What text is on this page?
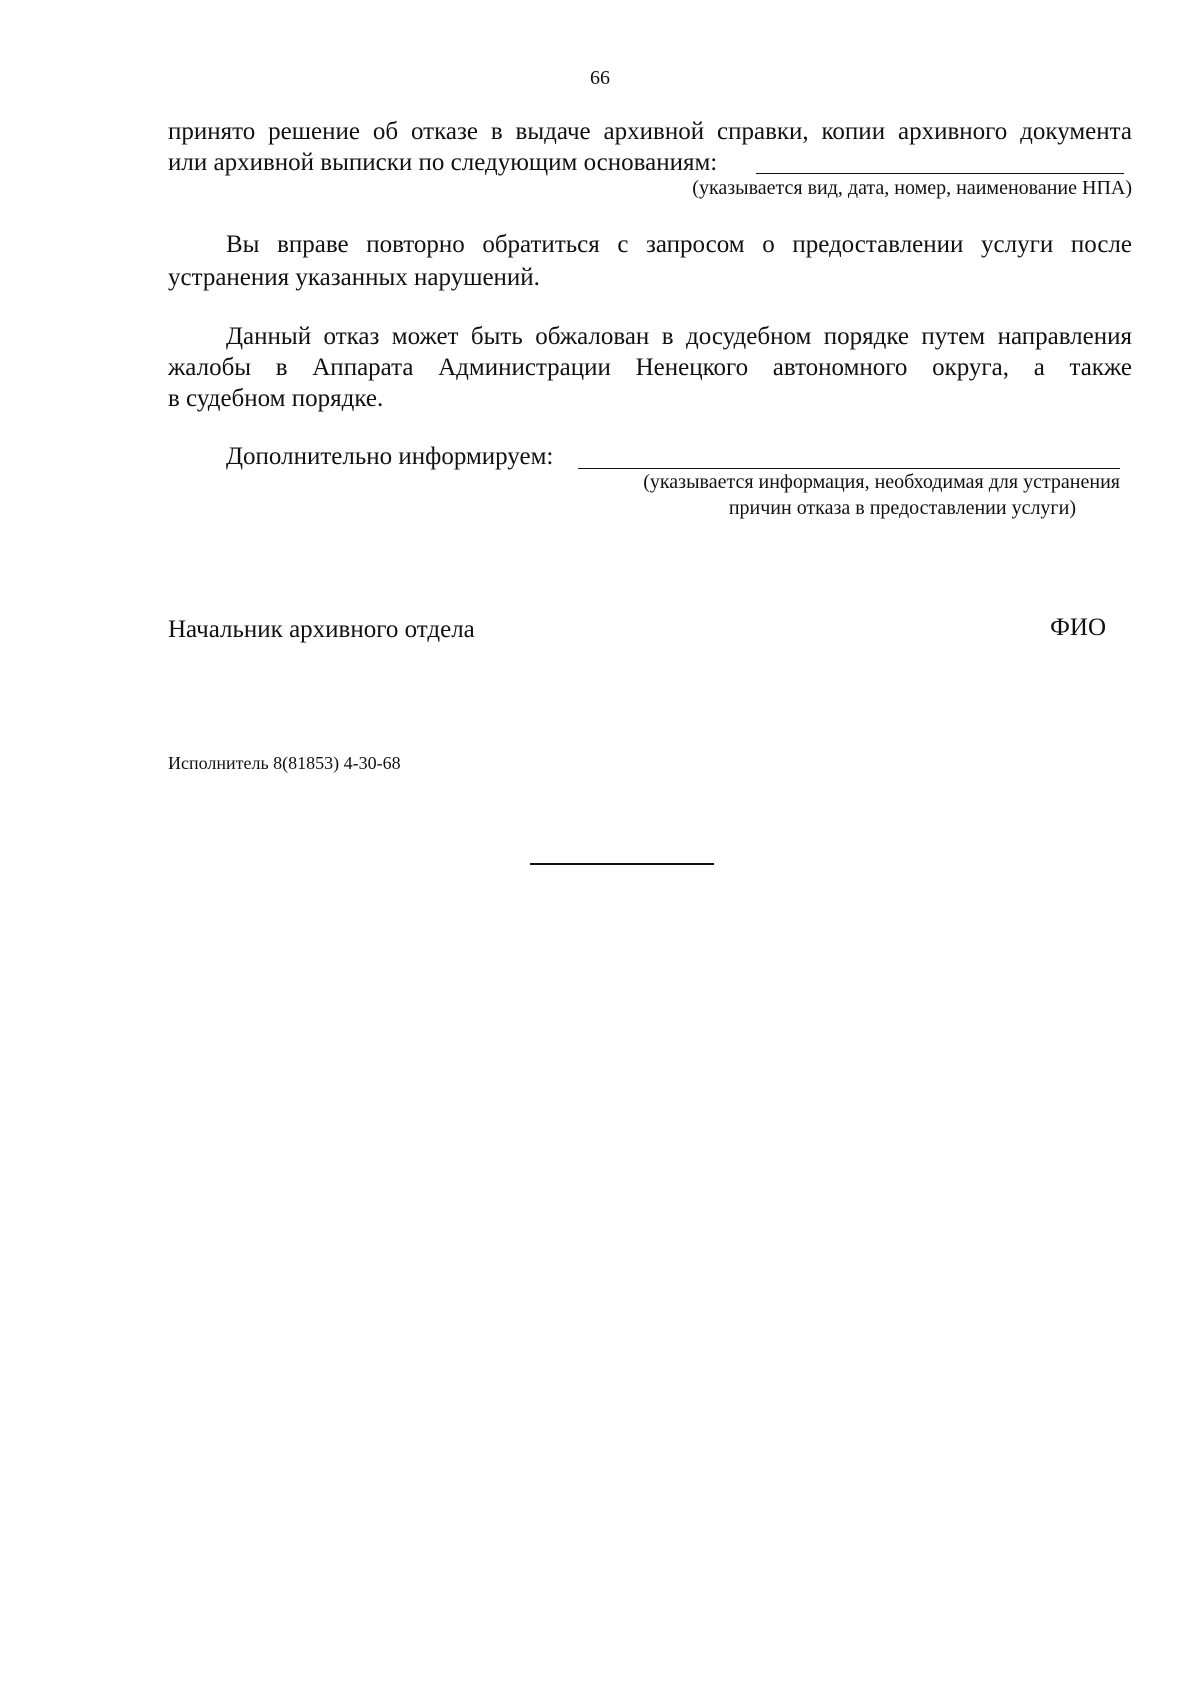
66
принято решение об отказе в выдаче архивной справки, копии архивного документа
или архивной выписки по следующим основаниям:
(указывается вид, дата, номер, наименование НПА)
Вы вправе повторно обратиться с запросом о предоставлении услуги после
устранения указанных нарушений.
Данный отказ может быть обжалован в досудебном порядке путем направления
жалобы в Аппарата Администрации Ненецкого автономного округа, а также
в судебном порядке.
Дополнительно информируем:
(указывается информация, необходимая для устранения
причин отказа в предоставлении услуги)
Начальник архивного отдела	ФИО
Исполнитель 8(81853) 4-30-68
